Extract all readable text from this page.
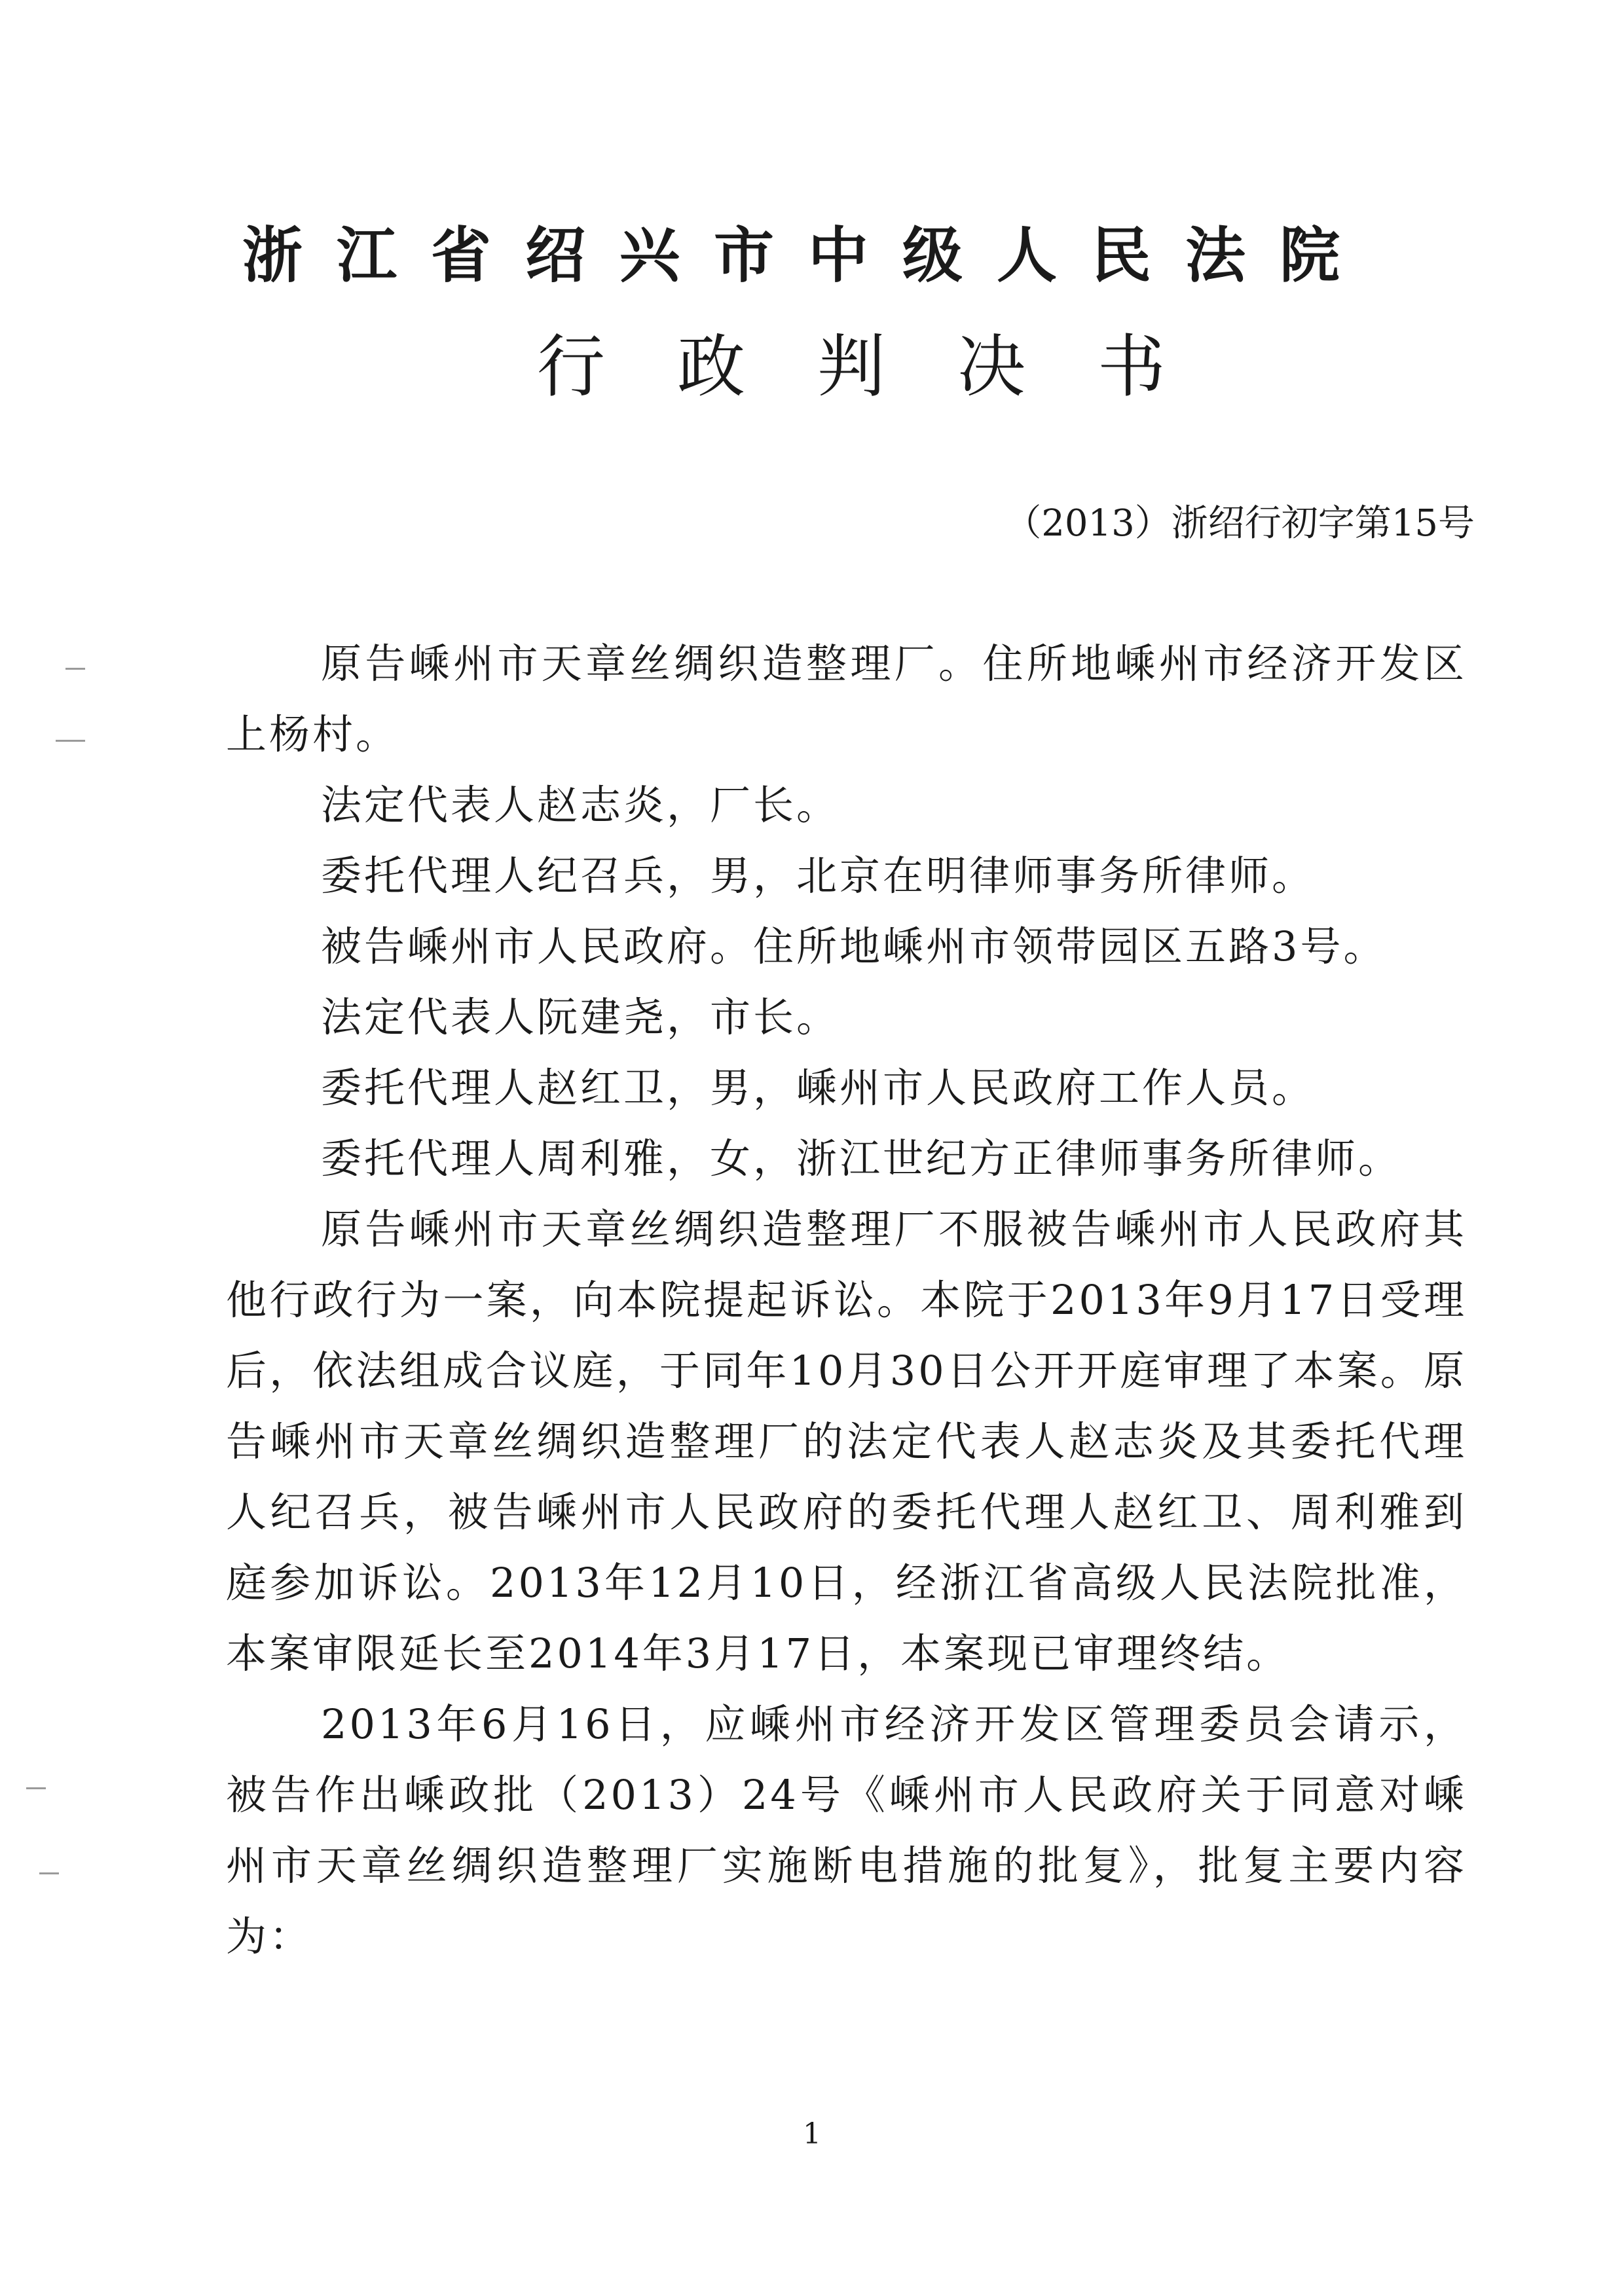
浙江省绍兴市中级人民法院
行政判决书
（2013）浙绍行初字第15号

原告嵊州市天章丝绸织造整理厂。住所地嵊州市经济开发区上杨村。

法定代表人赵志炎，厂长。

委托代理人纪召兵，男，北京在明律师事务所律师。

被告嵊州市人民政府。住所地嵊州市领带园区五路3号。

法定代表人阮建尧，市长。

委托代理人赵红卫，男，嵊州市人民政府工作人员。

委托代理人周利雅，女，浙江世纪方正律师事务所律师。

原告嵊州市天章丝绸织造整理厂不服被告嵊州市人民政府其他行政行为一案，向本院提起诉讼。本院于2013年9月17日受理后，依法组成合议庭，于同年10月30日公开开庭审理了本案。原告嵊州市天章丝绸织造整理厂的法定代表人赵志炎及其委托代理人纪召兵，被告嵊州市人民政府的委托代理人赵红卫、周利雅到庭参加诉讼。2013年12月10日，经浙江省高级人民法院批准，本案审限延长至2014年3月17日，本案现已审理终结。

2013年6月16日，应嵊州市经济开发区管理委员会请示，被告作出嵊政批（2013）24号《嵊州市人民政府关于同意对嵊州市天章丝绸织造整理厂实施断电措施的批复》，批复主要内容为：

1
